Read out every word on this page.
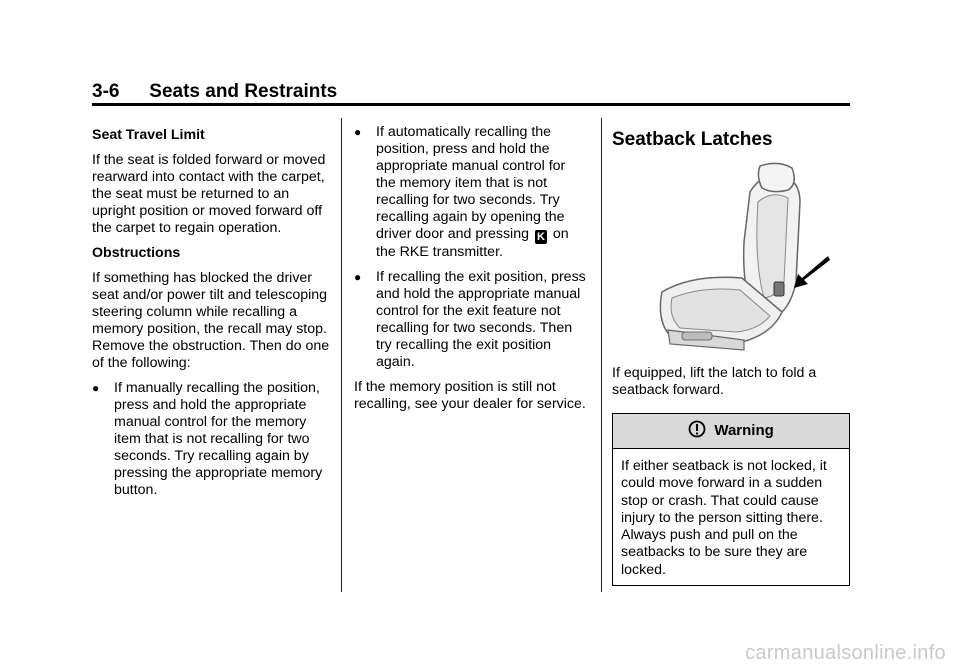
3-6 Seats and Restraints

Seat Travel Limit

If the seat is folded forward or moved rearward into contact with the carpet, the seat must be returned to an upright position or moved forward off the carpet to regain operation.

Obstructions

If something has blocked the driver seat and/or power tilt and telescoping steering column while recalling a memory position, the recall may stop. Remove the obstruction. Then do one of the following:

● If manually recalling the position, press and hold the appropriate manual control for the memory item that is not recalling for two seconds. Try recalling again by pressing the appropriate memory button.
● If automatically recalling the position, press and hold the appropriate manual control for the memory item that is not recalling for two seconds. Try recalling again by opening the driver door and pressing K on the RKE transmitter.
● If recalling the exit position, press and hold the appropriate manual control for the exit feature not recalling for two seconds. Then try recalling the exit position again.

If the memory position is still not recalling, see your dealer for service.

Seatback Latches

If equipped, lift the latch to fold a seatback forward.

Warning
If either seatback is not locked, it could move forward in a sudden stop or crash. That could cause injury to the person sitting there. Always push and pull on the seatbacks to be sure they are locked.
carmanualsonline.info
